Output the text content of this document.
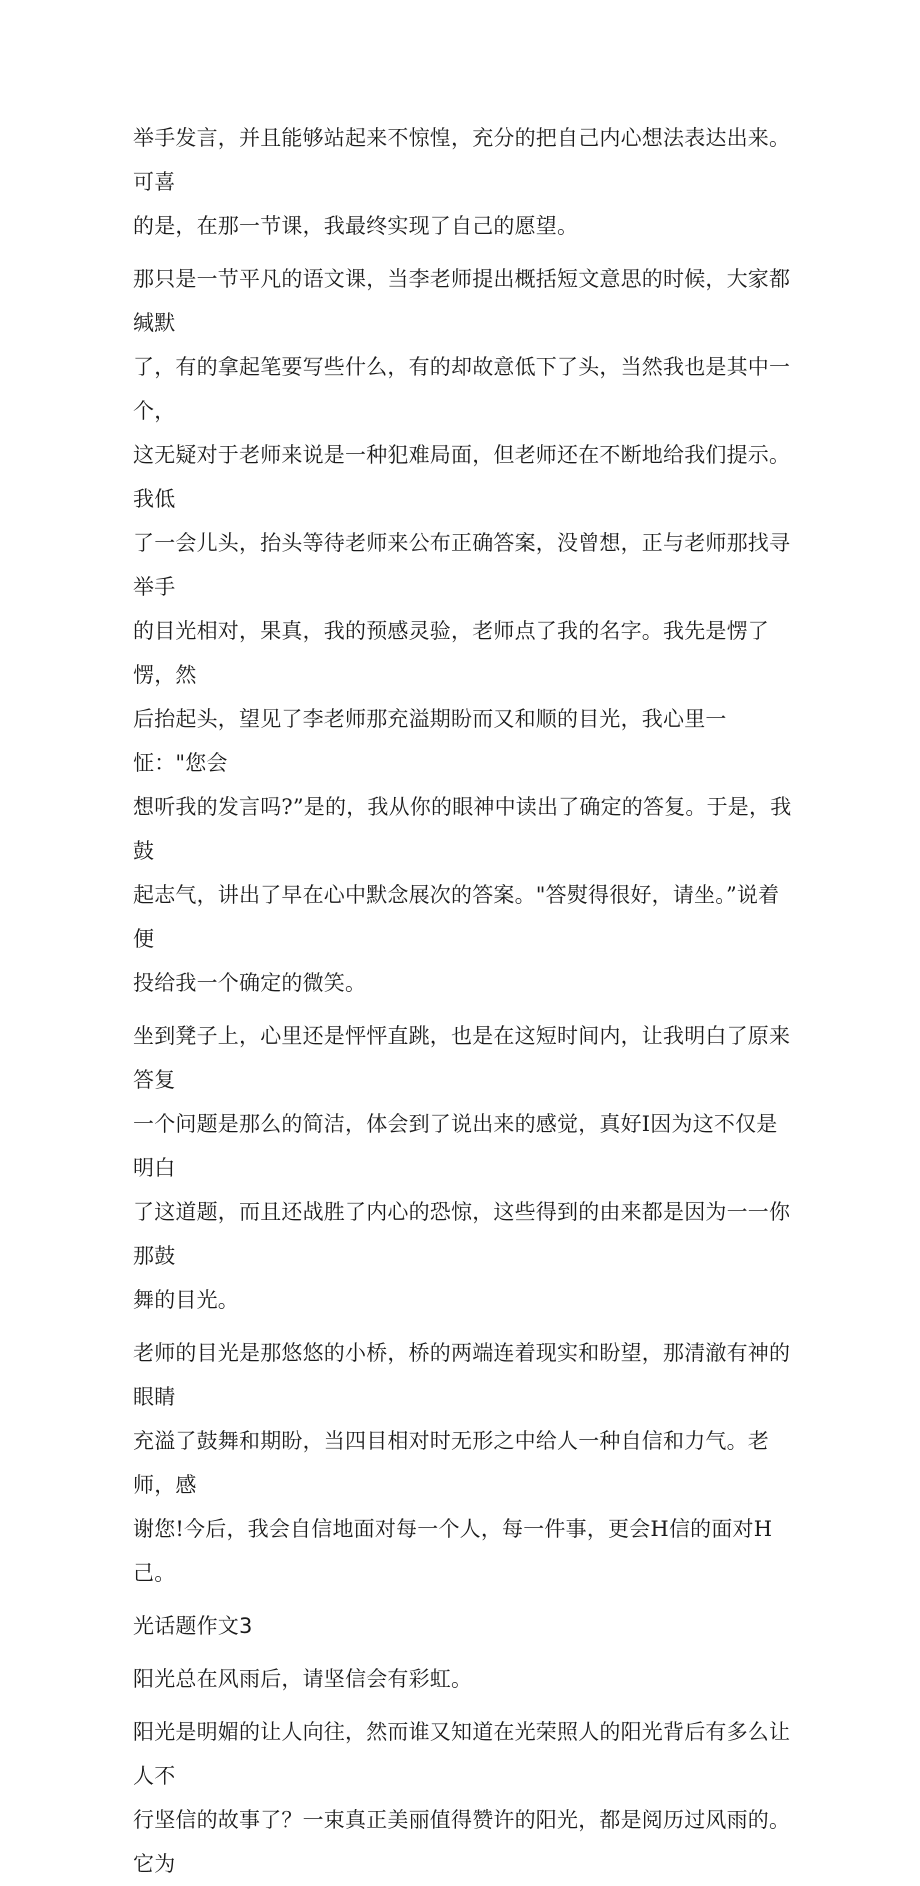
举手发言，并且能够站起来不惊惶，充分的把自己内心想法表达出来。可喜
的是，在那一节课，我最终实现了自己的愿望。

那只是一节平凡的语文课，当李老师提出概括短文意思的时候，大家都缄默
了，有的拿起笔要写些什么，有的却故意低下了头，当然我也是其中一个，
这无疑对于老师来说是一种犯难局面，但老师还在不断地给我们提示。我低
了一会儿头，抬头等待老师来公布正确答案，没曾想，正与老师那找寻举手
的目光相对，果真，我的预感灵验，老师点了我的名字。我先是愣了愣，然
后抬起头，望见了李老师那充溢期盼而又和顺的目光，我心里一怔："您会
想听我的发言吗?”是的，我从你的眼神中读出了确定的答复。于是，我鼓
起志气，讲出了早在心中默念展次的答案。"答熨得很好，请坐。”说着便
投给我一个确定的微笑。

坐到凳子上，心里还是怦怦直跳，也是在这短时间内，让我明白了原来答复
一个问题是那么的简洁，体会到了说出来的感觉，真好I因为这不仅是明白
了这道题，而且还战胜了内心的恐惊，这些得到的由来都是因为一一你那鼓
舞的目光。

老师的目光是那悠悠的小桥，桥的两端连着现实和盼望，那清澈有神的眼睛
充溢了鼓舞和期盼，当四目相对时无形之中给人一种自信和力气。老师，感
谢您!今后，我会自信地面对每一个人，每一件事，更会H信的面对H己。

光话题作文3

阳光总在风雨后，请坚信会有彩虹。

阳光是明媚的让人向往，然而谁又知道在光荣照人的阳光背后有多么让人不
行坚信的故事了？一束真正美丽值得赞许的阳光，都是阅历过风雨的。它为
